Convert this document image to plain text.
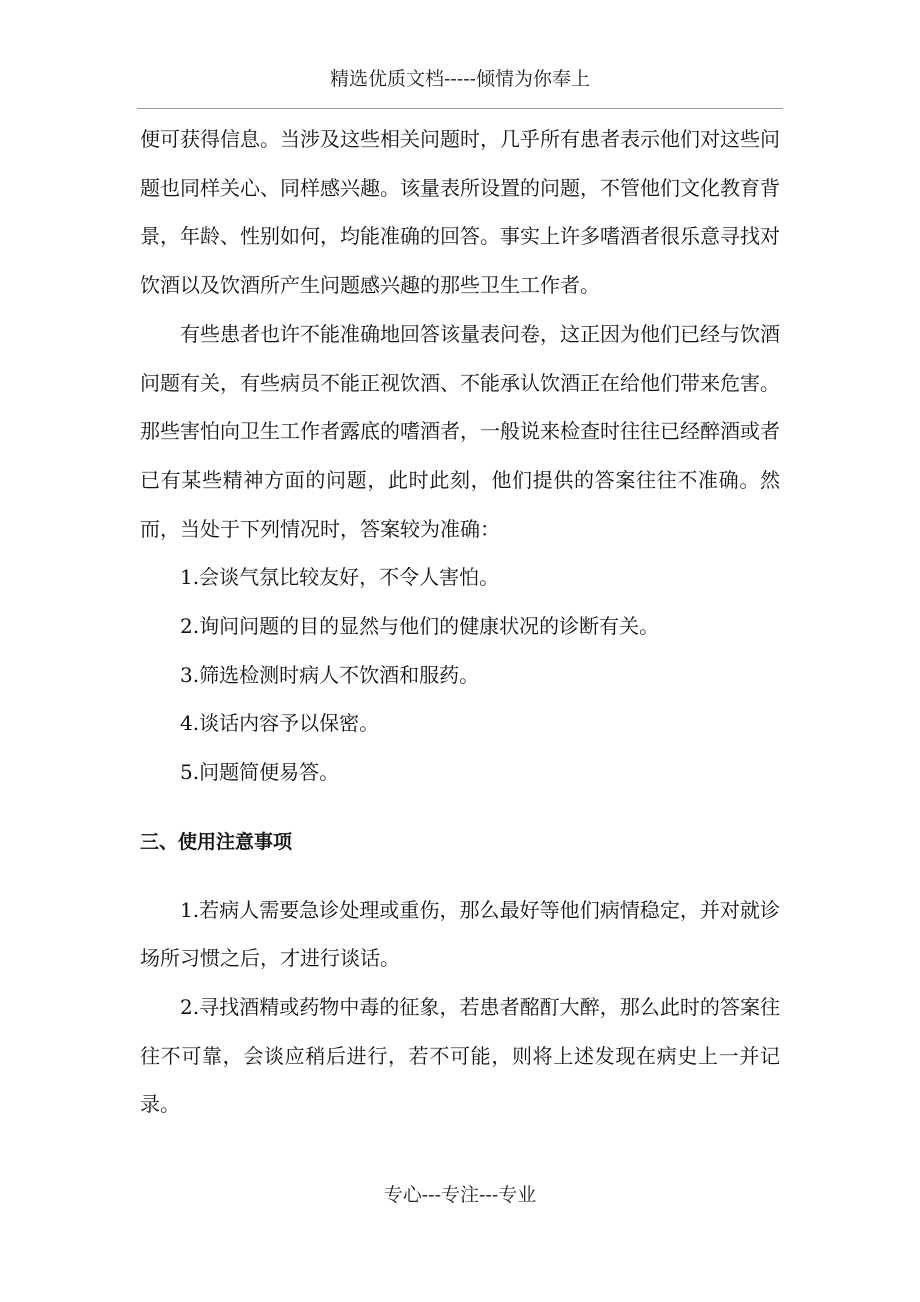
精选优质文档-----倾情为你奉上

便可获得信息。当涉及这些相关问题时，几乎所有患者表示他们对这些问题也同样关心、同样感兴趣。该量表所设置的问题，不管他们文化教育背景，年龄、性别如何，均能准确的回答。事实上许多嗜酒者很乐意寻找对饮酒以及饮酒所产生问题感兴趣的那些卫生工作者。

有些患者也许不能准确地回答该量表问卷，这正因为他们已经与饮酒问题有关，有些病员不能正视饮酒、不能承认饮酒正在给他们带来危害。那些害怕向卫生工作者露底的嗜酒者，一般说来检查时往往已经醉酒或者已有某些精神方面的问题，此时此刻，他们提供的答案往往不准确。然而，当处于下列情况时，答案较为准确：

1.会谈气氛比较友好，不令人害怕。

2.询问问题的目的显然与他们的健康状况的诊断有关。

3.筛选检测时病人不饮酒和服药。

4.谈话内容予以保密。

5.问题简便易答。

三、使用注意事项

1.若病人需要急诊处理或重伤，那么最好等他们病情稳定，并对就诊场所习惯之后，才进行谈话。

2.寻找酒精或药物中毒的征象，若患者酩酊大醉，那么此时的答案往往不可靠，会谈应稍后进行，若不可能，则将上述发现在病史上一并记录。

专心---专注---专业
